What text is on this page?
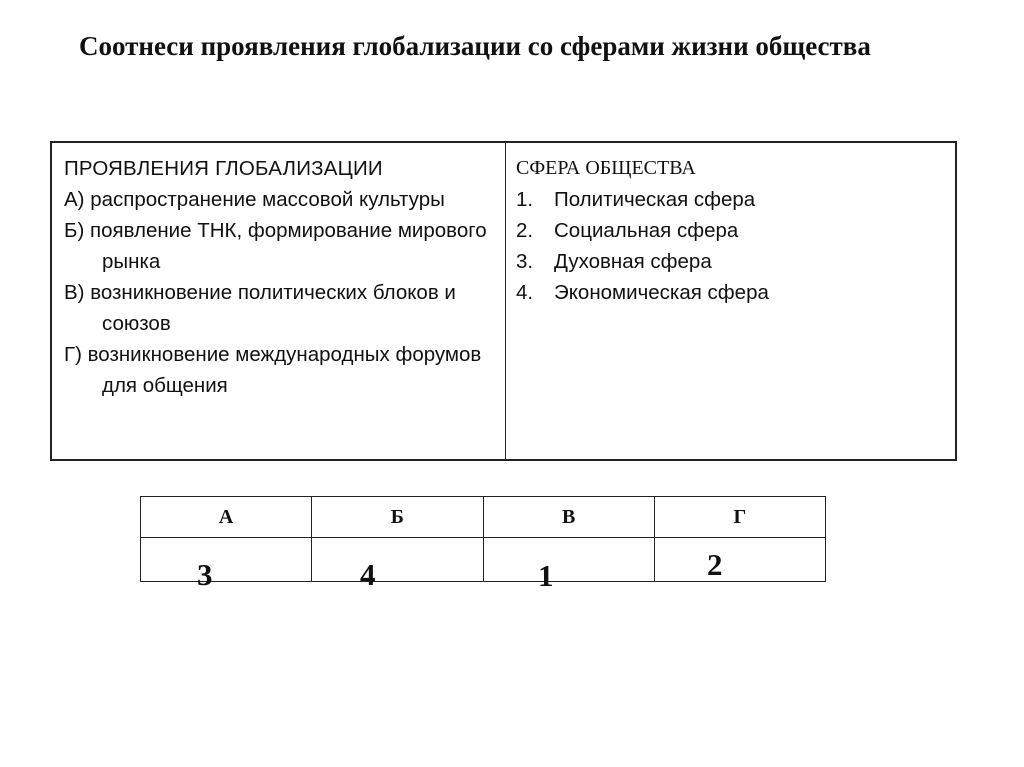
Соотнеси проявления глобализации со сферами жизни общества
ПРОЯВЛЕНИЯ ГЛОБАЛИЗАЦИИ
А) распространение массовой культуры
Б) появление ТНК, формирование мирового рынка
В) возникновение политических блоков и союзов
Г) возникновение международных форумов для общения
СФЕРА ОБЩЕСТВА
1.	Политическая сфера
2.	Социальная сфера
3.	Духовная сфера
4.	Экономическая сфера
А	Б	В	Г

3	4	1	2
